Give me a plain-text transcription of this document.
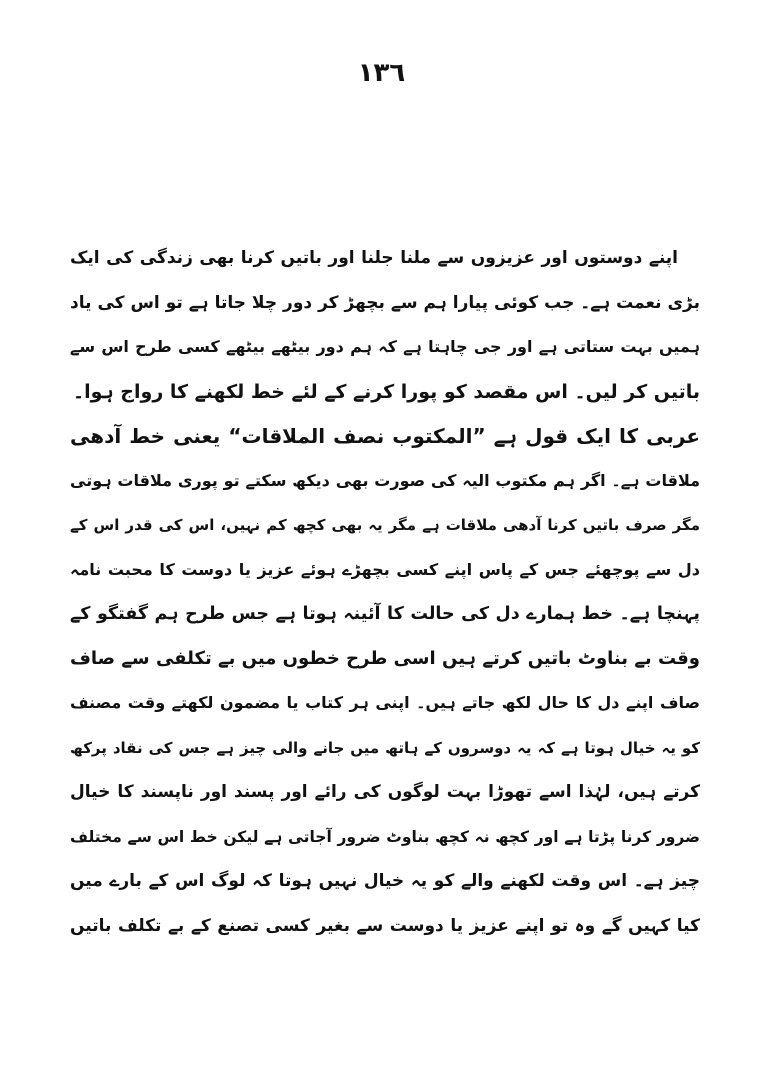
١٣٦
اپنے دوستوں اور عزیزوں سے ملنا جلنا اور باتیں کرنا بھی زندگی کی ایک
بڑی نعمت ہے۔ جب کوئی پیارا ہم سے بچھڑ کر دور چلا جاتا ہے تو اس کی یاد
ہمیں بہت ستاتی ہے اور جی چاہتا ہے کہ ہم دور بیٹھے بیٹھے کسی طرح اس سے
باتیں کر لیں۔ اس مقصد کو پورا کرنے کے لئے خط لکھنے کا رواج ہوا۔
عربی کا ایک قول ہے ”المکتوب نصف الملاقات“ یعنی خط آدھی
ملاقات ہے۔ اگر ہم مکتوب الیہ کی صورت بھی دیکھ سکتے تو پوری ملاقات ہوتی
مگر صرف باتیں کرنا آدھی ملاقات ہے مگر یہ بھی کچھ کم نہیں، اس کی قدر اس کے
دل سے پوچھئے جس کے پاس اپنے کسی بچھڑے ہوئے عزیز یا دوست کا محبت نامہ
پہنچا ہے۔ خط ہمارے دل کی حالت کا آئینہ ہوتا ہے جس طرح ہم گفتگو کے
وقت بے بناوٹ باتیں کرتے ہیں اسی طرح خطوں میں بے تکلفی سے صاف
صاف اپنے دل کا حال لکھ جاتے ہیں۔ اپنی ہر کتاب یا مضمون لکھتے وقت مصنف
کو یہ خیال ہوتا ہے کہ یہ دوسروں کے ہاتھ میں جانے والی چیز ہے جس کی نقاد پرکھ
کرتے ہیں، لہٰذا اسے تھوڑا بہت لوگوں کی رائے اور پسند اور ناپسند کا خیال
ضرور کرنا پڑتا ہے اور کچھ نہ کچھ بناوٹ ضرور آجاتی ہے لیکن خط اس سے مختلف
چیز ہے۔ اس وقت لکھنے والے کو یہ خیال نہیں ہوتا کہ لوگ اس کے بارے میں
کیا کہیں گے وہ تو اپنے عزیز یا دوست سے بغیر کسی تصنع کے بے تکلف باتیں
